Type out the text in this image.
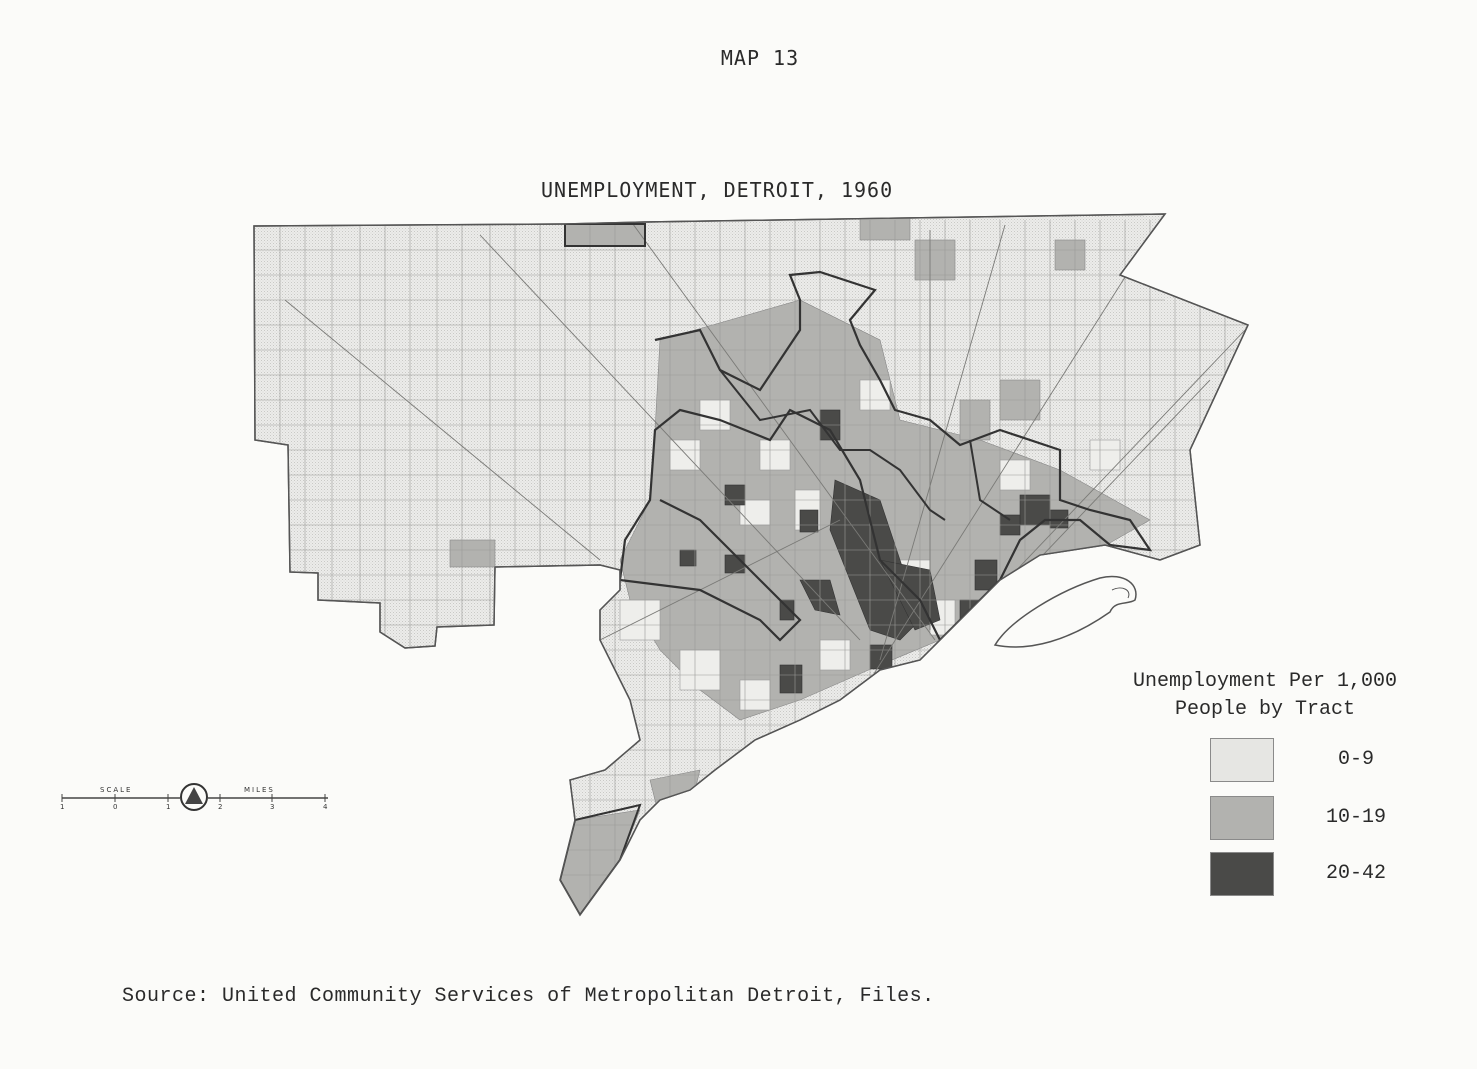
MAP 13
UNEMPLOYMENT, DETROIT, 1960
SCALE	MILES
1	0	1	2	3	4
Unemployment Per 1,000
People by Tract
0-9
10-19
20-42
Source: United Community Services of Metropolitan Detroit, Files.
